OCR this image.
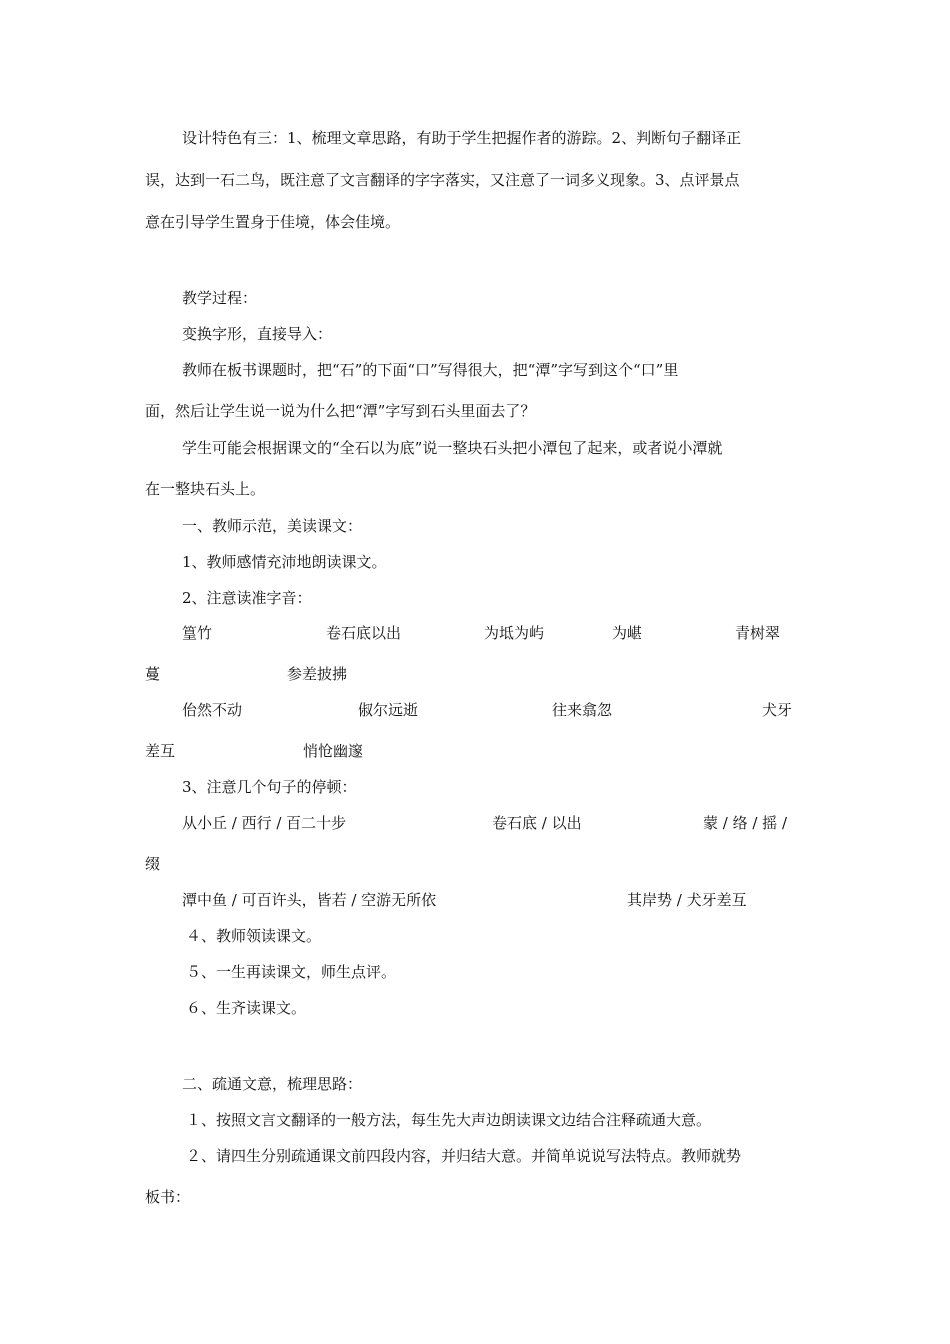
设计特色有三：1、梳理文章思路，有助于学生把握作者的游踪。2、判断句子翻译正
误，达到一石二鸟，既注意了文言翻译的字字落实，又注意了一词多义现象。3、点评景点
意在引导学生置身于佳境，体会佳境。
教学过程：
变换字形，直接导入：
教师在板书课题时，把“石”的下面“口”写得很大，把“潭”字写到这个“口”里
面，然后让学生说一说为什么把“潭”字写到石头里面去了？
学生可能会根据课文的“全石以为底”说一整块石头把小潭包了起来，或者说小潭就
在一整块石头上。
一、教师示范，美读课文：
1、教师感情充沛地朗读课文。
2、注意读准字音：
篁竹	卷石底以出	为坻为屿	为嵁	青树翠
蔓	参差披拂
佁然不动	俶尔远逝	往来翕忽	犬牙
差互	悄怆幽邃
3、注意几个句子的停顿：
从小丘 / 西行 / 百二十步	卷石底 / 以出	蒙 / 络 / 摇 /
缀
潭中鱼 / 可百许头，皆若 / 空游无所依	其岸势 / 犬牙差互
４、教师领读课文。
５、一生再读课文，师生点评。
６、生齐读课文。
二、疏通文意，梳理思路：
１、按照文言文翻译的一般方法，每生先大声边朗读课文边结合注释疏通大意。
２、请四生分别疏通课文前四段内容，并归结大意。并简单说说写法特点。教师就势
板书：
